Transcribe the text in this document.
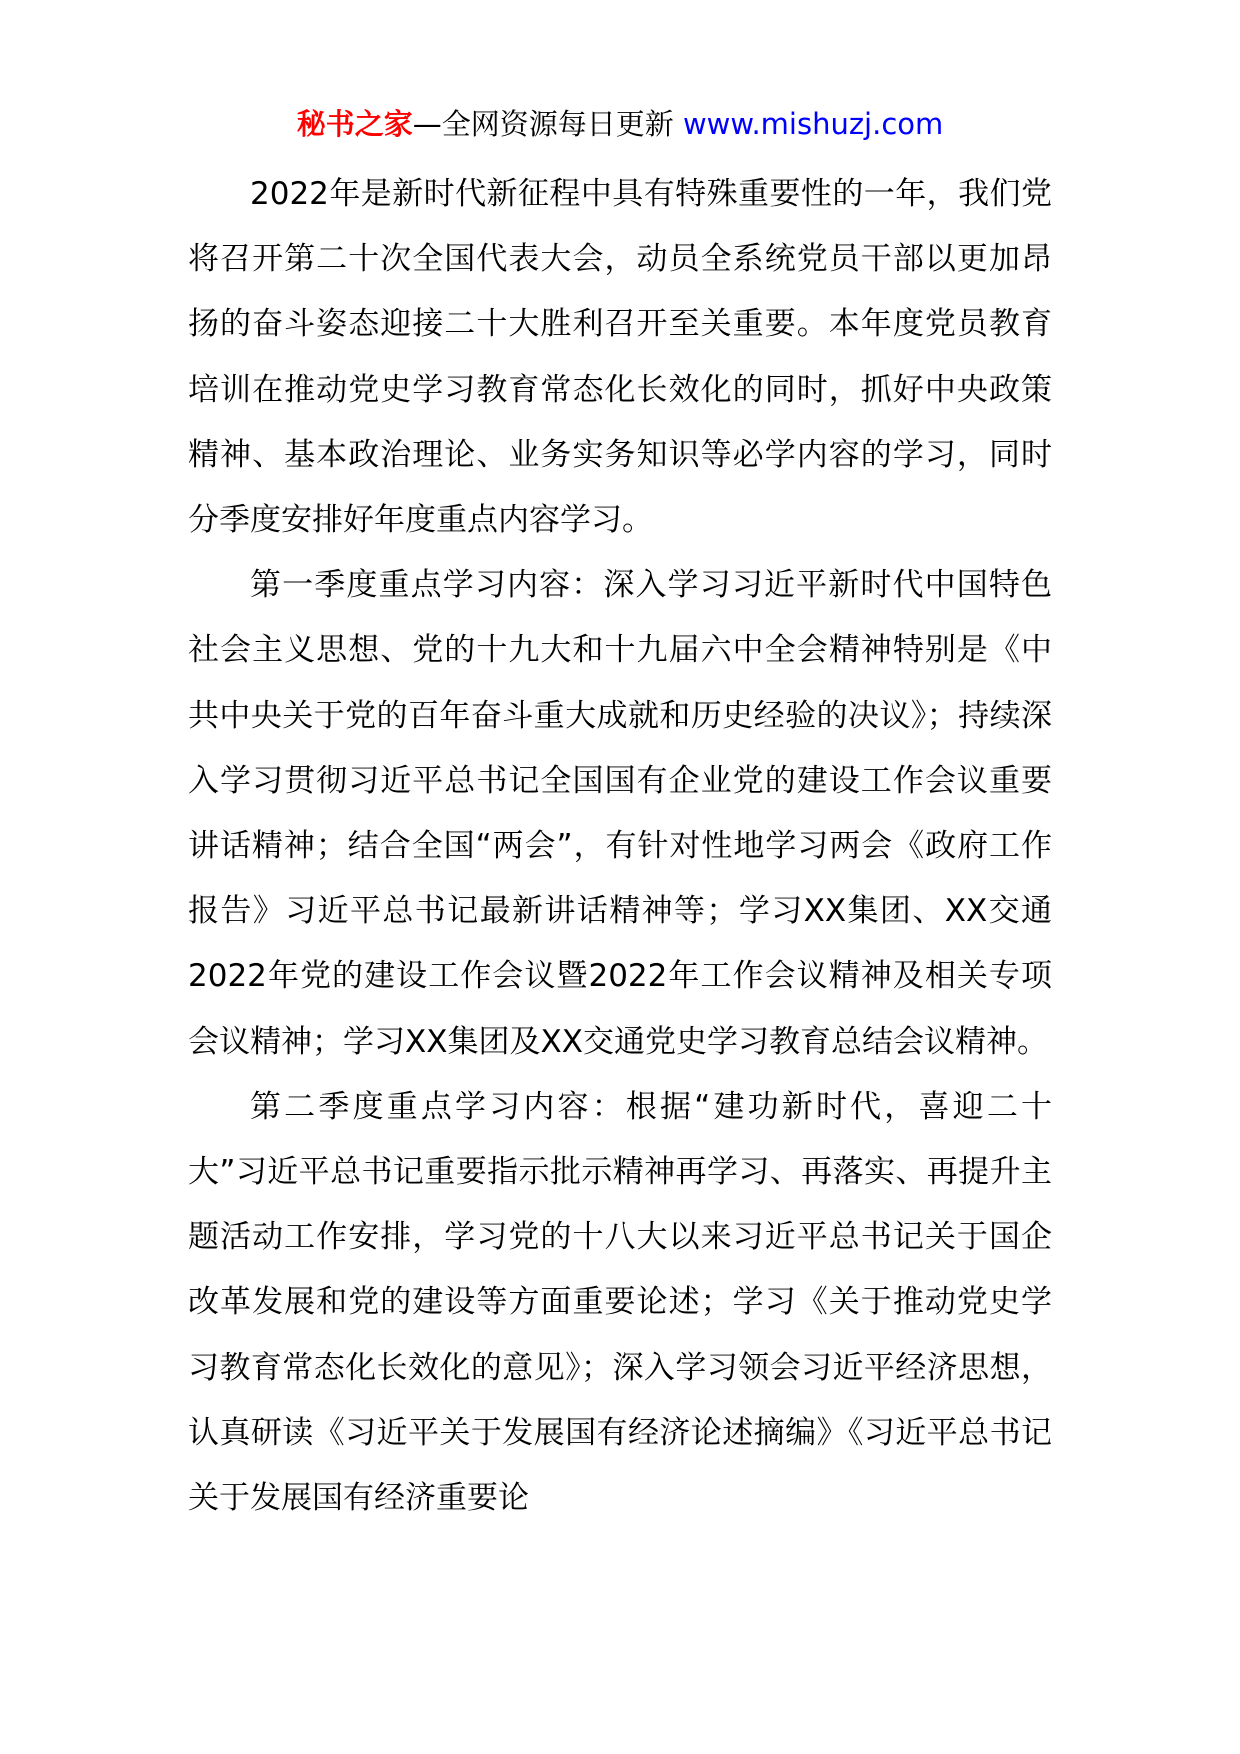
秘书之家—全网资源每日更新 www.mishuzj.com

2022年是新时代新征程中具有特殊重要性的一年，我们党将召开第二十次全国代表大会，动员全系统党员干部以更加昂扬的奋斗姿态迎接二十大胜利召开至关重要。本年度党员教育培训在推动党史学习教育常态化长效化的同时，抓好中央政策精神、基本政治理论、业务实务知识等必学内容的学习，同时分季度安排好年度重点内容学习。

第一季度重点学习内容：深入学习习近平新时代中国特色社会主义思想、党的十九大和十九届六中全会精神特别是《中共中央关于党的百年奋斗重大成就和历史经验的决议》；持续深入学习贯彻习近平总书记全国国有企业党的建设工作会议重要讲话精神；结合全国“两会”，有针对性地学习两会《政府工作报告》习近平总书记最新讲话精神等；学习XX集团、XX交通2022年党的建设工作会议暨2022年工作会议精神及相关专项会议精神；学习XX集团及XX交通党史学习教育总结会议精神。

第二季度重点学习内容：根据“建功新时代，喜迎二十大”习近平总书记重要指示批示精神再学习、再落实、再提升主题活动工作安排，学习党的十八大以来习近平总书记关于国企改革发展和党的建设等方面重要论述；学习《关于推动党史学习教育常态化长效化的意见》；深入学习领会习近平经济思想，认真研读《习近平关于发展国有经济论述摘编》《习近平总书记关于发展国有经济重要论
